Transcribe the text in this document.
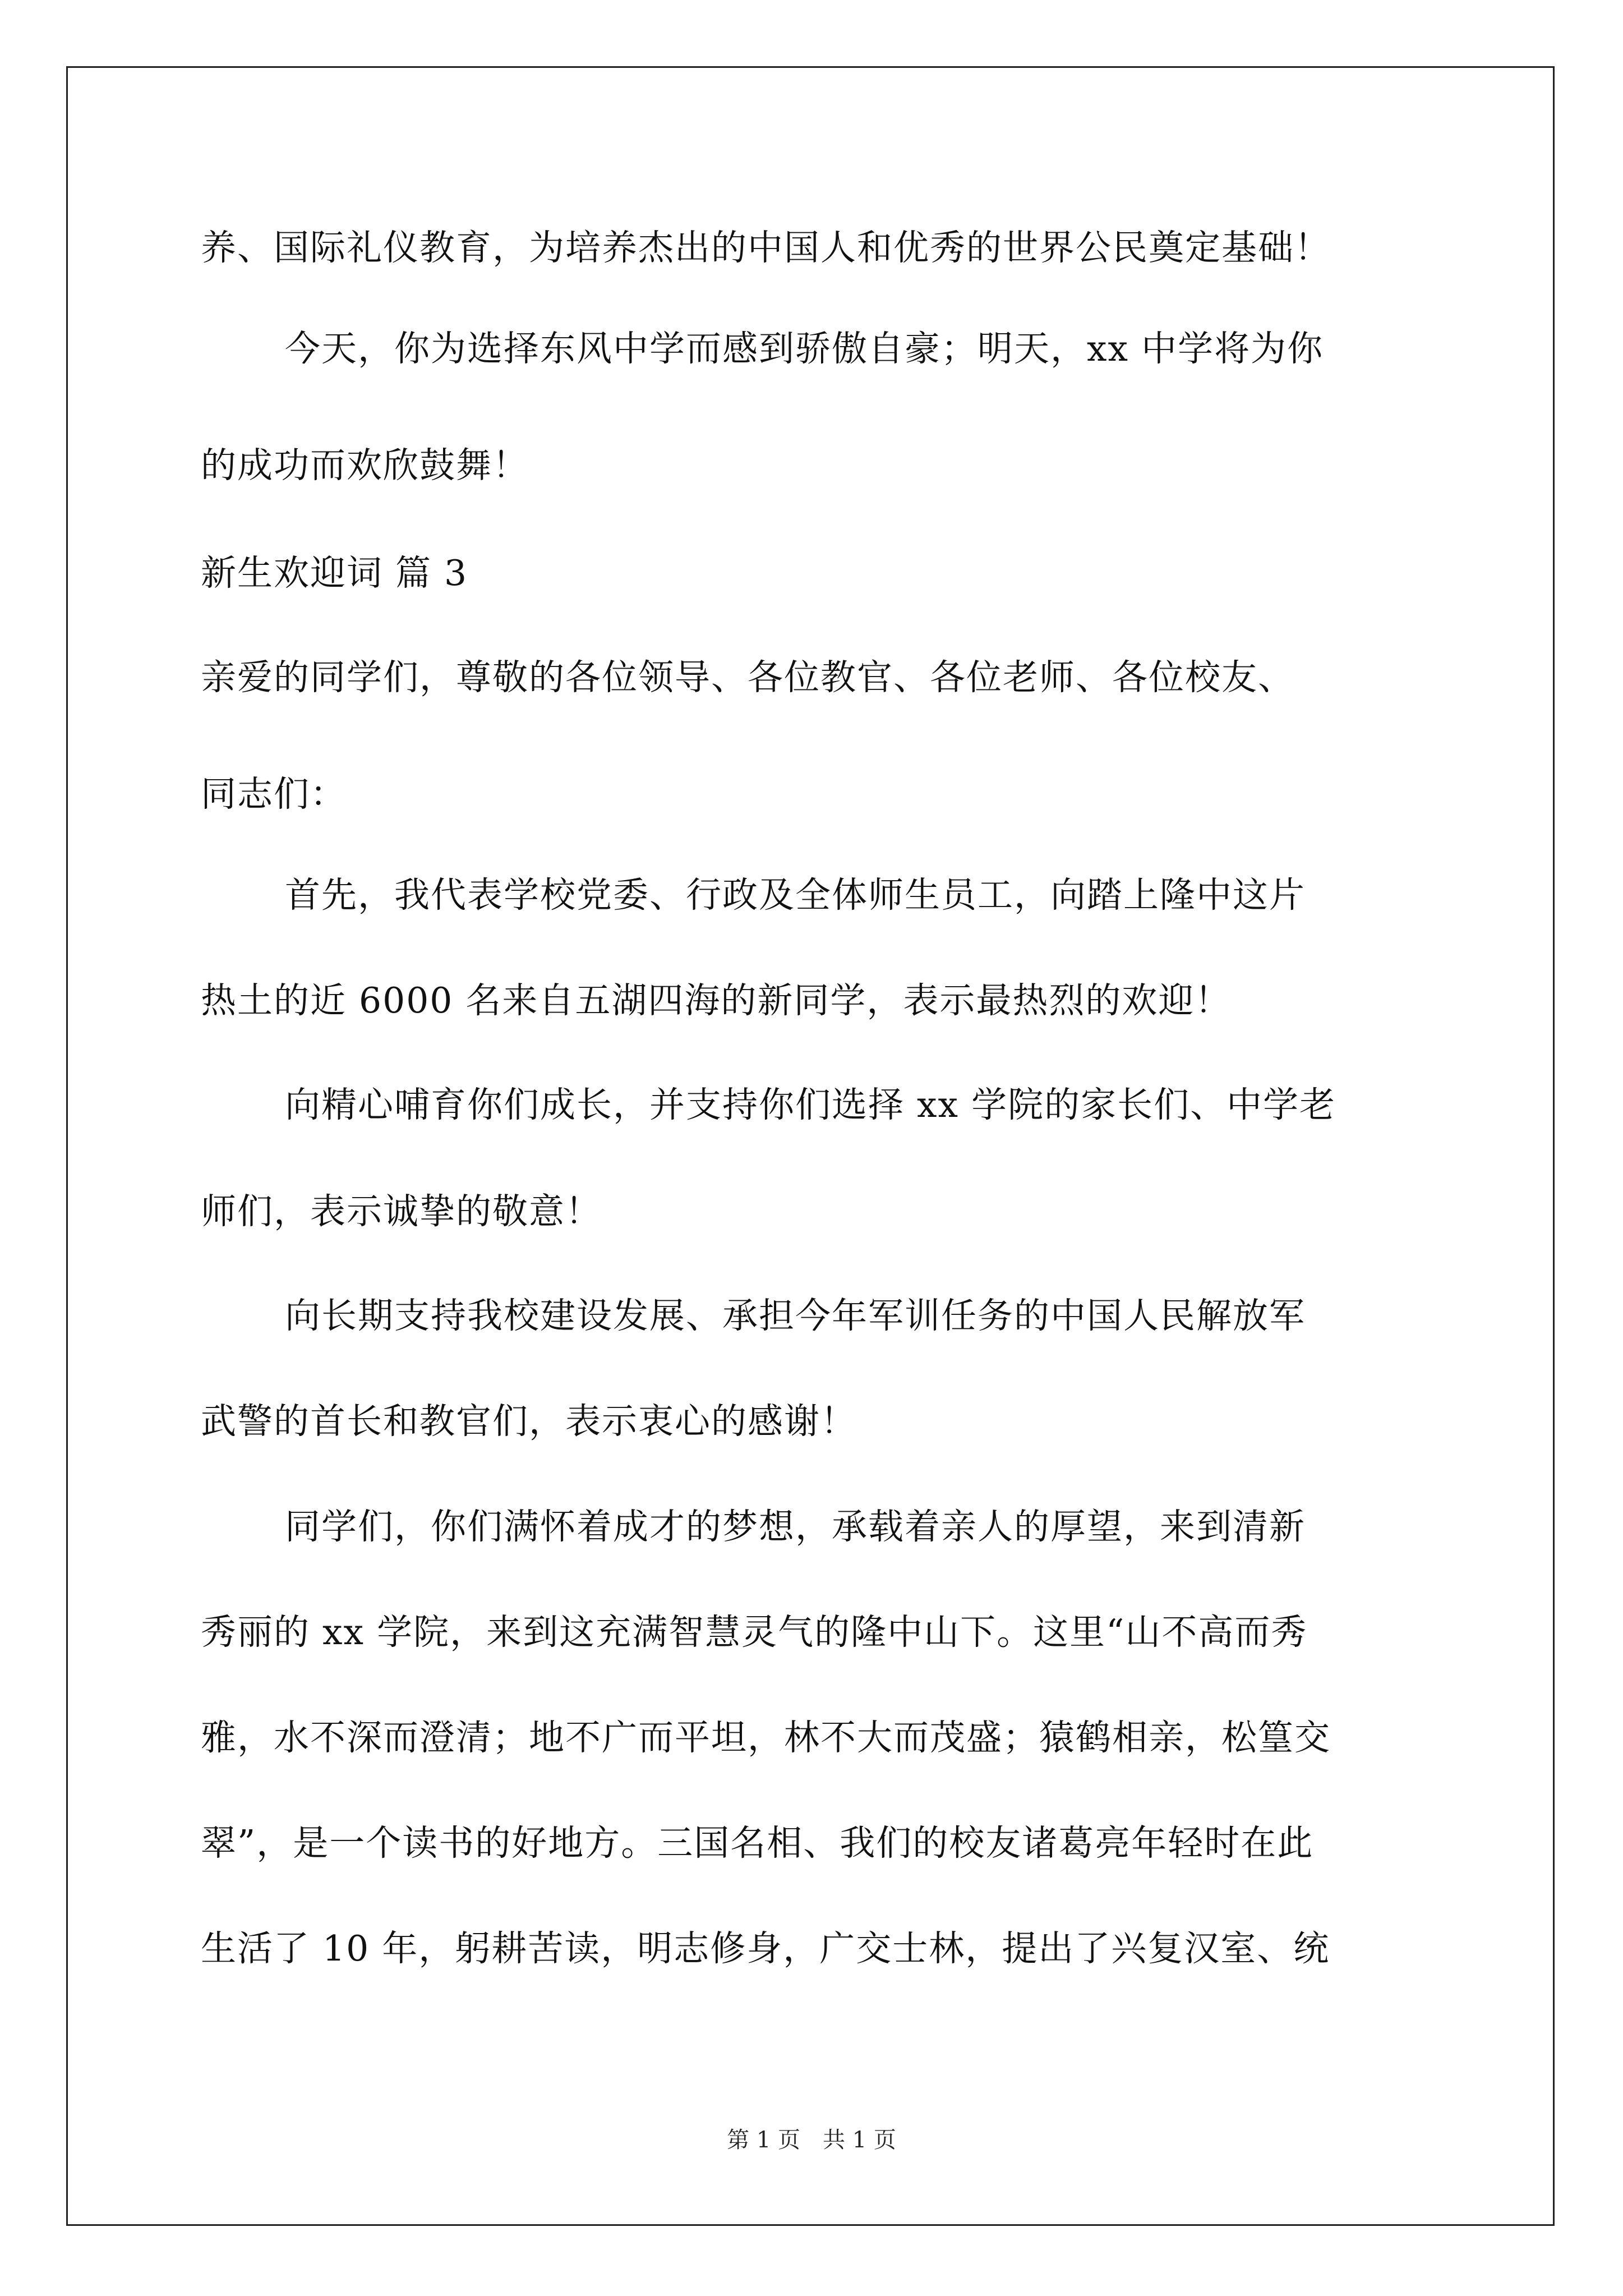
养、国际礼仪教育，为培养杰出的中国人和优秀的世界公民奠定基础！
今天，你为选择东风中学而感到骄傲自豪；明天，xx 中学将为你
的成功而欢欣鼓舞！
新生欢迎词 篇 3
亲爱的同学们，尊敬的各位领导、各位教官、各位老师、各位校友、
同志们：
首先，我代表学校党委、行政及全体师生员工，向踏上隆中这片
热土的近 6000 名来自五湖四海的新同学，表示最热烈的欢迎！
向精心哺育你们成长，并支持你们选择 xx 学院的家长们、中学老
师们，表示诚挚的敬意！
向长期支持我校建设发展、承担今年军训任务的中国人民解放军
武警的首长和教官们，表示衷心的感谢！
同学们，你们满怀着成才的梦想，承载着亲人的厚望，来到清新
秀丽的 xx 学院，来到这充满智慧灵气的隆中山下。这里“山不高而秀
雅，水不深而澄清；地不广而平坦，林不大而茂盛；猿鹤相亲，松篁交
翠”，是一个读书的好地方。三国名相、我们的校友诸葛亮年轻时在此
生活了 10 年，躬耕苦读，明志修身，广交士林，提出了兴复汉室、统
第 1 页　共 1 页
